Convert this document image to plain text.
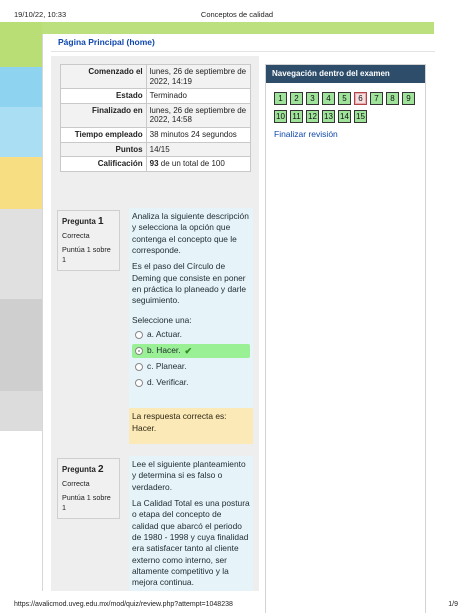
19/10/22, 10:33	Conceptos de calidad
Página Principal (home)
Comenzado el	lunes, 26 de septiembre de 2022, 14:19
Estado	Terminado
Finalizado en	lunes, 26 de septiembre de 2022, 14:58
Tiempo empleado	38 minutos 24 segundos
Puntos	14/15
Calificación	93 de un total de 100
Pregunta 1
Correcta
Puntúa 1 sobre 1

Analiza la siguiente descripción y selecciona la opción que contenga el concepto que le corresponde.

Es el paso del Círculo de Deming que consiste en poner en práctica lo planeado y darle seguimiento.

Seleccione una:

a. Actuar.
b. Hacer. ✔
c. Planear.
d. Verificar.
La respuesta correcta es: Hacer.
Pregunta 2
Correcta
Puntúa 1 sobre 1

Lee el siguiente planteamiento y determina si es falso o verdadero.

La Calidad Total es una postura o etapa del concepto de calidad que abarcó el periodo de 1980 - 1998 y cuya finalidad era satisfacer tanto al cliente externo como interno, ser altamente competitivo y la mejora continua.

Navegación dentro del examen
1	2	3	4	5	6	7	8	9
10 11 12 13 14 15
Finalizar revisión
https://avalicmod.uveg.edu.mx/mod/quiz/review.php?attempt=1048238	1/9
